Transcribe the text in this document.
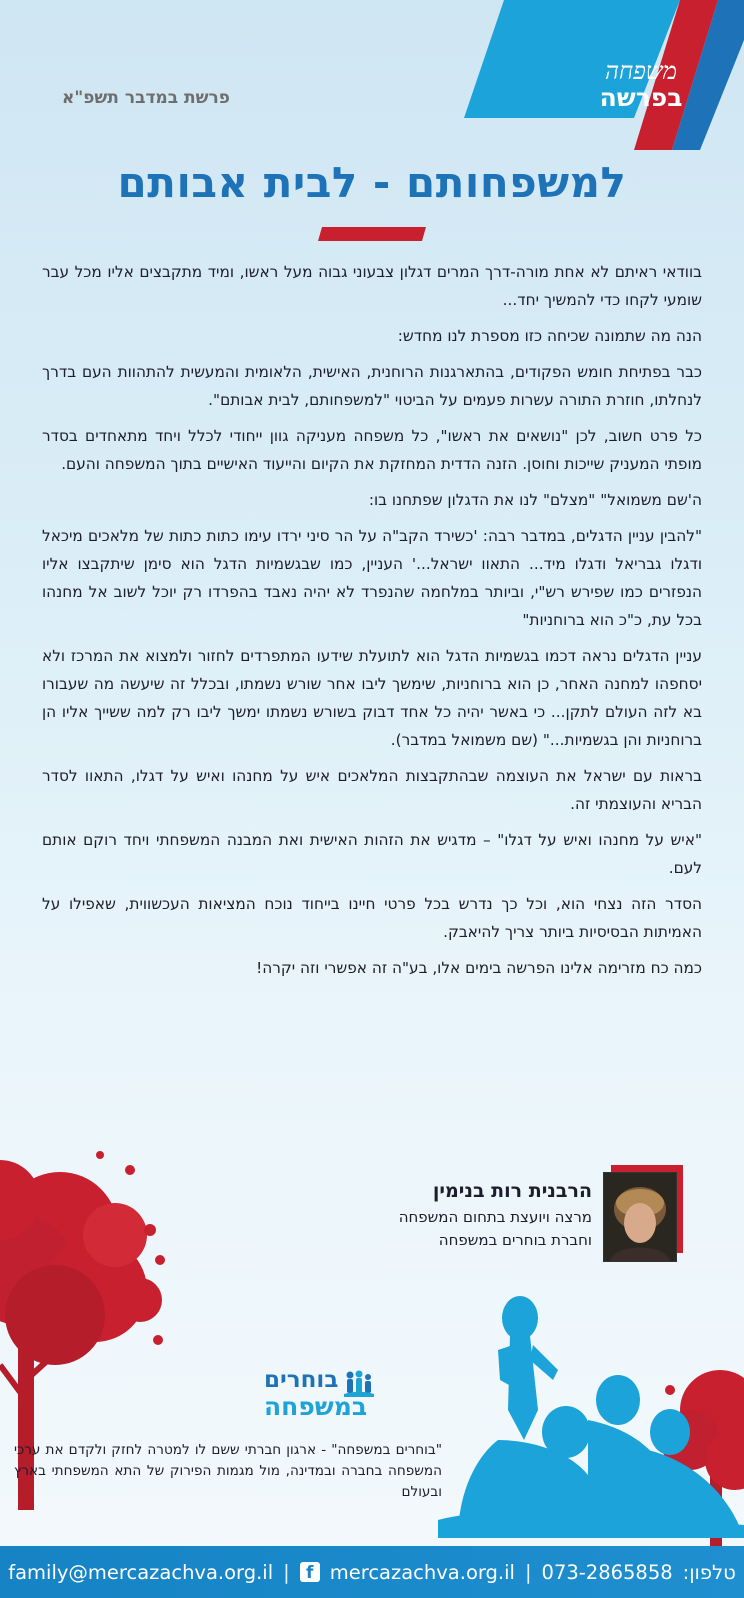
משפחה
בפרשה
פרשת במדבר תשפ"א
למשפחותם - לבית אבותם

בוודאי ראיתם לא אחת מורה-דרך המרים דגלון צבעוני גבוה מעל ראשו, ומיד מתקבצים אליו מכל עבר שומעי לקחו כדי להמשיך יחד...

הנה מה שתמונה שכיחה כזו מספרת לנו מחדש:

כבר בפתיחת חומש הפקודים, בהתארגנות הרוחנית, האישית, הלאומית והמעשית להתהוות העם בדרך לנחלתו, חוזרת התורה עשרות פעמים על הביטוי "למשפחותם, לבית אבותם".

כל פרט חשוב, לכן "נושאים את ראשו", כל משפחה מעניקה גוון ייחודי לכלל ויחד מתאחדים בסדר מופתי המעניק שייכות וחוסן. הזנה הדדית המחזקת את הקיום והייעוד האישיים בתוך המשפחה והעם.

ה'שם משמואל" "מצלם" לנו את הדגלון שפתחנו בו:

"להבין עניין הדגלים, במדבר רבה: 'כשירד הקב"ה על הר סיני ירדו עימו כתות כתות של מלאכים מיכאל ודגלו גבריאל ודגלו מיד... התאוו ישראל...' העניין, כמו שבגשמיות הדגל הוא סימן שיתקבצו אליו הנפזרים כמו שפירש רש"י, וביותר במלחמה שהנפרד לא יהיה נאבד בהפרדו רק יוכל לשוב אל מחנהו בכל עת, כ"כ הוא ברוחניות"

עניין הדגלים נראה דכמו בגשמיות הדגל הוא לתועלת שידעו המתפרדים לחזור ולמצוא את המרכז ולא יסחפהו למחנה האחר, כן הוא ברוחניות, שימשך ליבו אחר שורש נשמתו, ובכלל זה שיעשה מה שעבורו בא לזה העולם לתקן... כי באשר יהיה כל אחד דבוק בשורש נשמתו ימשך ליבו רק למה ששייך אליו הן ברוחניות והן בגשמיות..." (שם משמואל במדבר).

בראות עם ישראל את העוצמה שבהתקבצות המלאכים איש על מחנהו ואיש על דגלו, התאוו לסדר הבריא והעוצמתי זה.

"איש על מחנהו ואיש על דגלו" – מדגיש את הזהות האישית ואת המבנה המשפחתי ויחד רוקם אותם לעם.

הסדר הזה נצחי הוא, וכל כך נדרש בכל פרטי חיינו בייחוד נוכח המציאות העכשווית, שאפילו על האמיתות הבסיסיות ביותר צריך להיאבק.

כמה כח מזרימה אלינו הפרשה בימים אלו, בע"ה זה אפשרי וזה יקרה!

הרבנית רות בנימין
מרצה ויועצת בתחום המשפחה
וחברת בוחרים במשפחה
בוחרים
במשפחה
"בוחרים במשפחה" - ארגון חברתי ששם לו למטרה לחזק ולקדם את ערכי המשפחה בחברה ובמדינה, מול מגמות הפירוק של התא המשפחתי בארץ ובעולם
טלפון:
073-2865858
|
mercazachva.org.il
f
|
family@mercazachva.org.il
